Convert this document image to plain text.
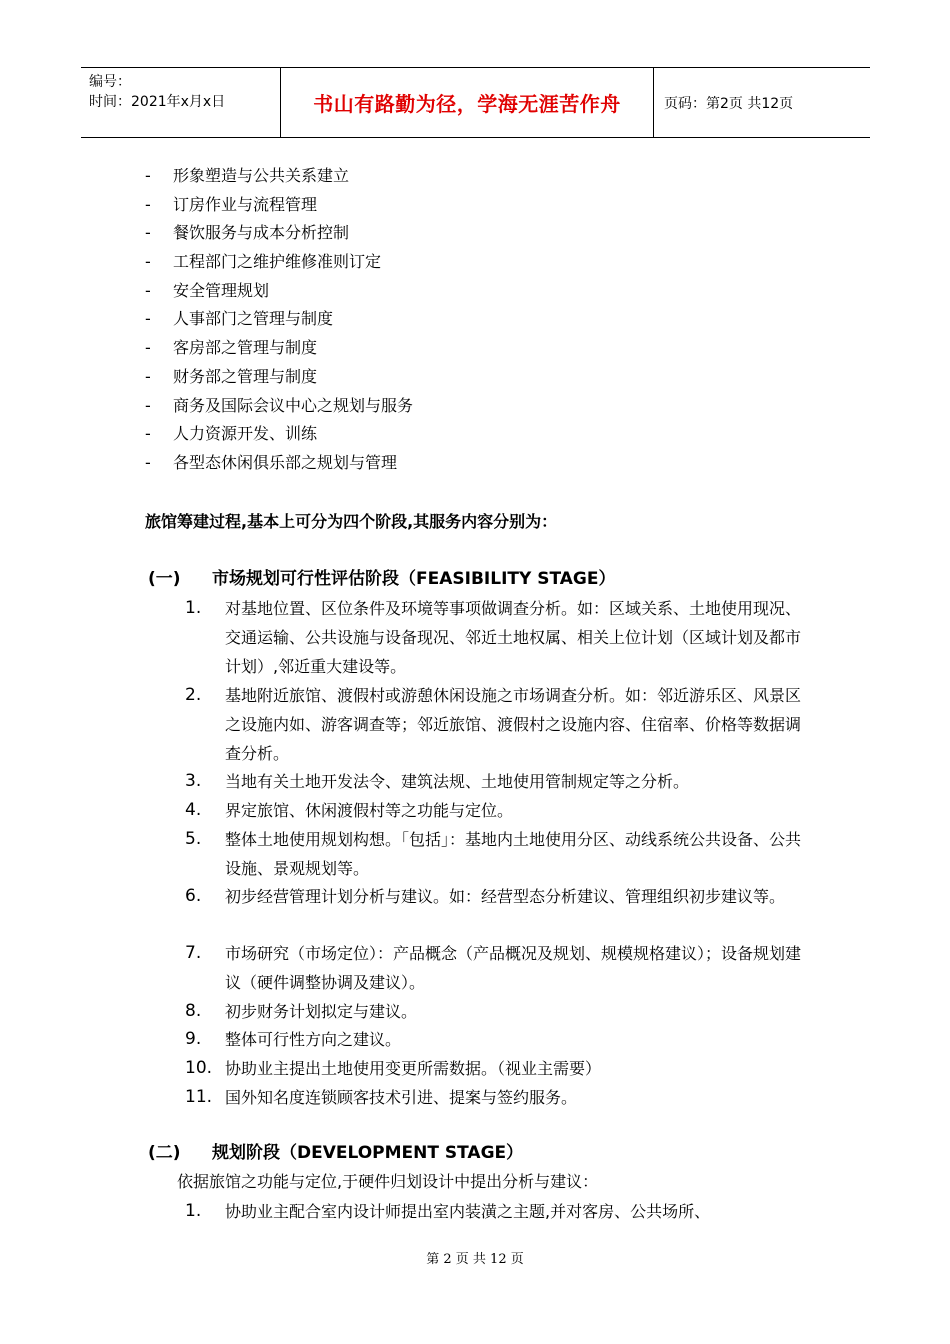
编号：
时间：2021年x月x日	书山有路勤为径，学海无涯苦作舟	页码：第2页 共12页
- 形象塑造与公共关系建立
- 订房作业与流程管理
- 餐饮服务与成本分析控制
- 工程部门之维护维修准则订定
- 安全管理规划
- 人事部门之管理与制度
- 客房部之管理与制度
- 财务部之管理与制度
- 商务及国际会议中心之规划与服务
- 人力资源开发、训练
- 各型态休闲俱乐部之规划与管理
旅馆筹建过程,基本上可分为四个阶段,其服务内容分别为：
(一) 市场规划可行性评估阶段（FEASIBILITY STAGE）
1. 对基地位置、区位条件及环境等事项做调查分析。如：区域关系、土地使用现况、交通运输、公共设施与设备现况、邻近土地权属、相关上位计划（区域计划及都市计划）,邻近重大建设等。
2. 基地附近旅馆、渡假村或游憩休闲设施之市场调查分析。如：邻近游乐区、风景区之设施内如、游客调查等；邻近旅馆、渡假村之设施内容、住宿率、价格等数据调查分析。
3. 当地有关土地开发法令、建筑法规、土地使用管制规定等之分析。
4. 界定旅馆、休闲渡假村等之功能与定位。
5. 整体土地使用规划构想。「包括」：基地内土地使用分区、动线系统公共设备、公共设施、景观规划等。
6. 初步经营管理计划分析与建议。如：经营型态分析建议、管理组织初步建议等。
7. 市场研究（市场定位）：产品概念（产品概况及规划、规模规格建议）；设备规划建议（硬件调整协调及建议）。
8. 初步财务计划拟定与建议。
9. 整体可行性方向之建议。
10. 协助业主提出土地使用变更所需数据。（视业主需要）
11. 国外知名度连锁顾客技术引进、提案与签约服务。
(二) 规划阶段（DEVELOPMENT STAGE）
依据旅馆之功能与定位,于硬件归划设计中提出分析与建议：
1. 协助业主配合室内设计师提出室内装潢之主题,并对客房、公共场所、
第 2 页 共 12 页
